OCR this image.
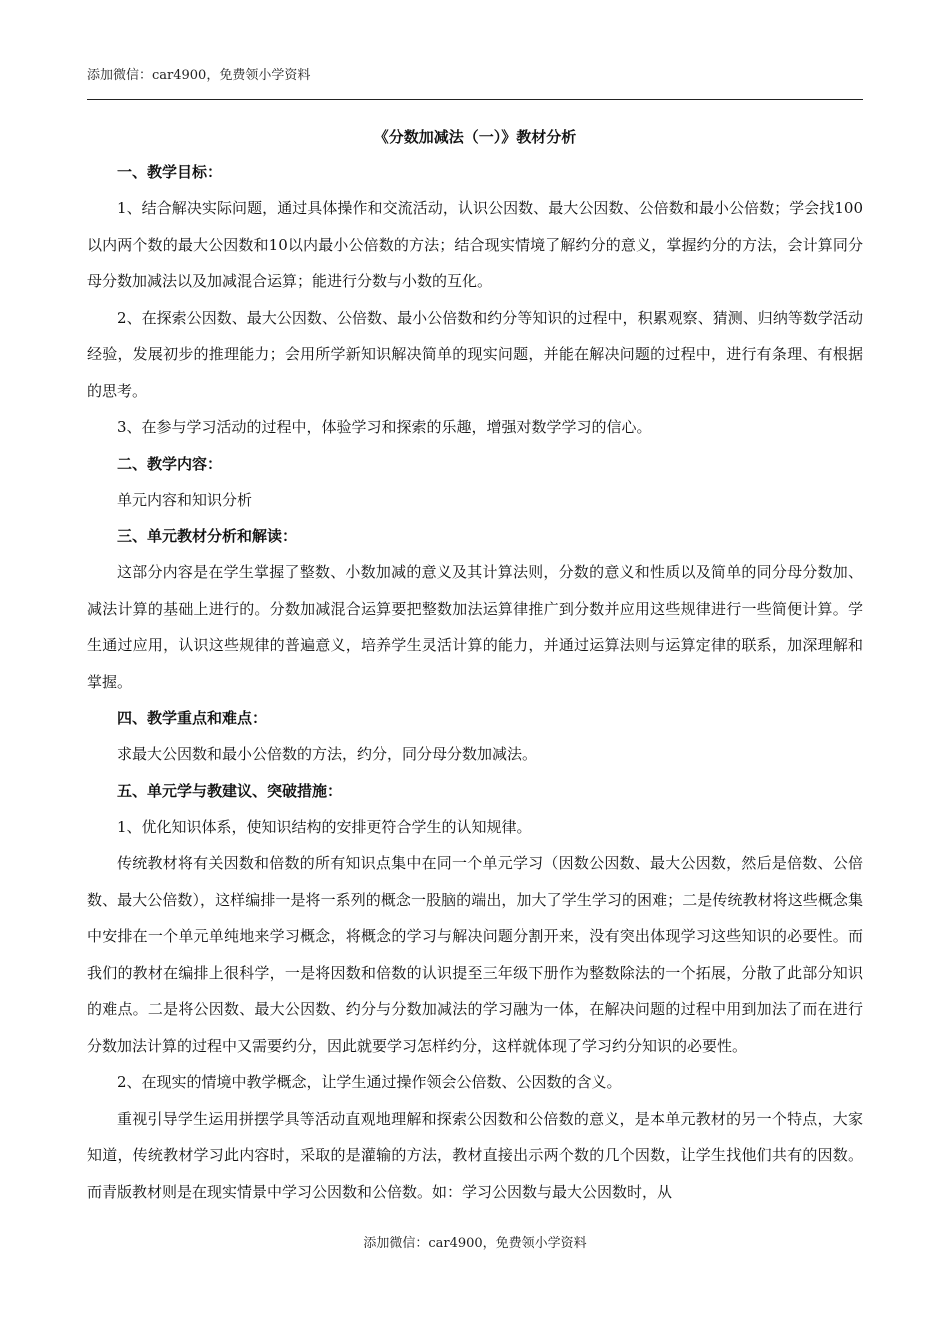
添加微信：car4900，免费领小学资料

《分数加减法（一）》教材分析

一、教学目标：

1、结合解决实际问题，通过具体操作和交流活动，认识公因数、最大公因数、公倍数和最小公倍数；学会找100以内两个数的最大公因数和10以内最小公倍数的方法；结合现实情境了解约分的意义，掌握约分的方法，会计算同分母分数加减法以及加减混合运算；能进行分数与小数的互化。

2、在探索公因数、最大公因数、公倍数、最小公倍数和约分等知识的过程中，积累观察、猜测、归纳等数学活动经验，发展初步的推理能力；会用所学新知识解决简单的现实问题，并能在解决问题的过程中，进行有条理、有根据的思考。

3、在参与学习活动的过程中，体验学习和探索的乐趣，增强对数学学习的信心。

二、教学内容：

单元内容和知识分析

三、单元教材分析和解读：

这部分内容是在学生掌握了整数、小数加减的意义及其计算法则，分数的意义和性质以及简单的同分母分数加、减法计算的基础上进行的。分数加减混合运算要把整数加法运算律推广到分数并应用这些规律进行一些简便计算。学生通过应用，认识这些规律的普遍意义，培养学生灵活计算的能力，并通过运算法则与运算定律的联系，加深理解和掌握。

四、教学重点和难点：

求最大公因数和最小公倍数的方法，约分，同分母分数加减法。

五、单元学与教建议、突破措施：

1、优化知识体系，使知识结构的安排更符合学生的认知规律。

传统教材将有关因数和倍数的所有知识点集中在同一个单元学习（因数公因数、最大公因数，然后是倍数、公倍数、最大公倍数），这样编排一是将一系列的概念一股脑的端出，加大了学生学习的困难；二是传统教材将这些概念集中安排在一个单元单纯地来学习概念，将概念的学习与解决问题分割开来，没有突出体现学习这些知识的必要性。而我们的教材在编排上很科学，一是将因数和倍数的认识提至三年级下册作为整数除法的一个拓展，分散了此部分知识的难点。二是将公因数、最大公因数、约分与分数加减法的学习融为一体，在解决问题的过程中用到加法了而在进行分数加法计算的过程中又需要约分，因此就要学习怎样约分，这样就体现了学习约分知识的必要性。

2、在现实的情境中教学概念，让学生通过操作领会公倍数、公因数的含义。

重视引导学生运用拼摆学具等活动直观地理解和探索公因数和公倍数的意义，是本单元教材的另一个特点，大家知道，传统教材学习此内容时，采取的是灌输的方法，教材直接出示两个数的几个因数，让学生找他们共有的因数。而青版教材则是在现实情景中学习公因数和公倍数。如：学习公因数与最大公因数时，从

添加微信：car4900，免费领小学资料
